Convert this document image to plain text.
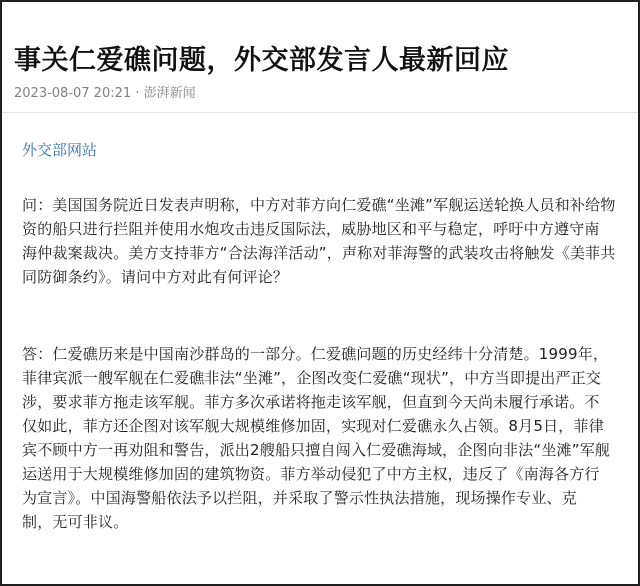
事关仁爱礁问题，外交部发言人最新回应
2023-08-07 20:21 · 澎湃新闻
外交部网站

问：美国国务院近日发表声明称，中方对菲方向仁爱礁“坐滩”军舰运送轮换人员和补给物
资的船只进行拦阻并使用水炮攻击违反国际法，威胁地区和平与稳定，呼吁中方遵守南
海仲裁案裁决。美方支持菲方“合法海洋活动”，声称对菲海警的武装攻击将触发《美菲共
同防御条约》。请问中方对此有何评论？

答：仁爱礁历来是中国南沙群岛的一部分。仁爱礁问题的历史经纬十分清楚。1999年，
菲律宾派一艘军舰在仁爱礁非法“坐滩”，企图改变仁爱礁“现状”，中方当即提出严正交
涉，要求菲方拖走该军舰。菲方多次承诺将拖走该军舰，但直到今天尚未履行承诺。不
仅如此，菲方还企图对该军舰大规模维修加固，实现对仁爱礁永久占领。8月5日，菲律
宾不顾中方一再劝阻和警告，派出2艘船只擅自闯入仁爱礁海域，企图向非法“坐滩”军舰
运送用于大规模维修加固的建筑物资。菲方举动侵犯了中方主权，违反了《南海各方行
为宣言》。中国海警船依法予以拦阻，并采取了警示性执法措施，现场操作专业、克
制，无可非议。
